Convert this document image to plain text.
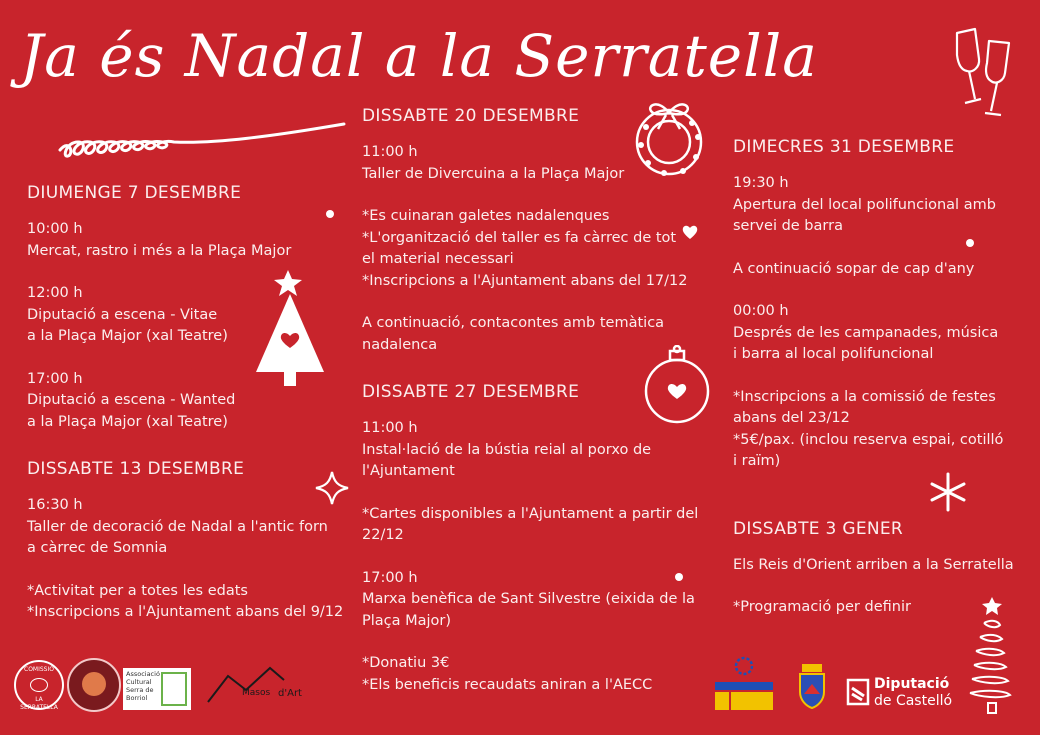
Ja és Nadal a la Serratella

DIUMENGE 7 DESEMBRE

10:00 h

Mercat, rastro i més a la Plaça Major

12:00 h

Diputació a escena - Vitae

a la Plaça Major (xal Teatre)

17:00 h

Diputació a escena - Wanted

a la Plaça Major (xal Teatre)

DISSABTE 13 DESEMBRE

16:30 h

Taller de decoració de Nadal a l'antic forn

a càrrec de Somnia

*Activitat per a totes les edats

*Inscripcions a l'Ajuntament abans del 9/12

DISSABTE 20 DESEMBRE

11:00 h

Taller de Divercuina a la Plaça Major

*Es cuinaran galetes nadalenques

*L'organització del taller es fa càrrec de tot

el material necessari

*Inscripcions a l'Ajuntament abans del 17/12

A continuació, contacontes amb temàtica

nadalenca

DISSABTE 27 DESEMBRE

11:00 h

Instal·lació de la bústia reial al porxo de

l'Ajuntament

*Cartes disponibles a l'Ajuntament a partir del

22/12

17:00 h

Marxa benèfica de Sant Silvestre (eixida de la

Plaça Major)

*Donatiu 3€

*Els beneficis recaudats aniran a l'AECC

DIMECRES 31 DESEMBRE

19:30 h

Apertura del local polifuncional amb

servei de barra

A continuació sopar de cap d'any

00:00 h

Després de les campanades, música

i barra al local polifuncional

*Inscripcions a la comissió de festes

abans del 23/12

*5€/pax. (inclou reserva espai, cotilló

i raïm)

DISSABTE 3 GENER

Els Reis d'Orient arriben a la Serratella

*Programació per definir

COMISSIÓ
LA SERRATELLA
Associació
Cultural
Serra de
Borriol	Masos d'Art
Diputació
de Castelló
